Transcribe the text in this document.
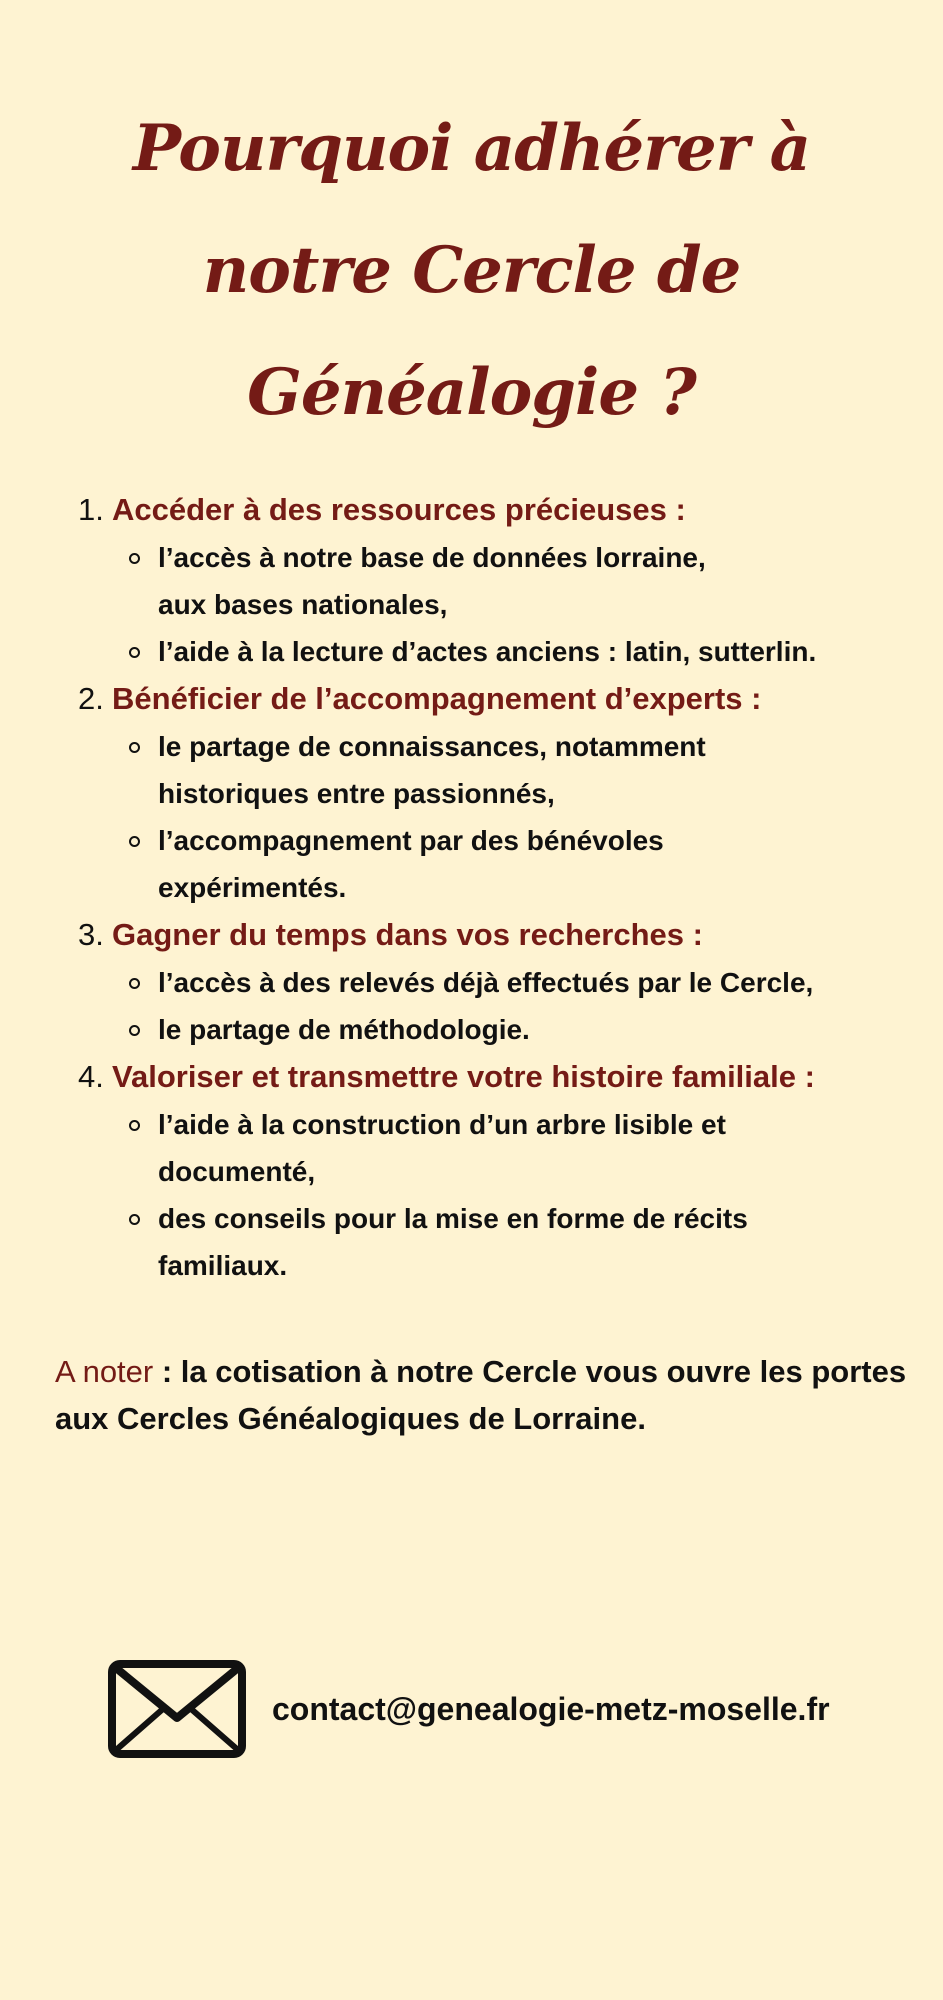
Pourquoi adhérer à notre Cercle de Généalogie ?
1. Accéder à des ressources précieuses :
l’accès à notre base de données lorraine,
aux bases nationales,
l’aide à la lecture d’actes anciens : latin, sutterlin.
2. Bénéficier de l’accompagnement d’experts :
le partage de connaissances, notamment
historiques entre passionnés,
l’accompagnement par des bénévoles
expérimentés.
3. Gagner du temps dans vos recherches :
l’accès à des relevés déjà effectués par le Cercle,
le partage de méthodologie.
4. Valoriser et transmettre votre histoire familiale :
l’aide à la construction d’un arbre lisible et
documenté,
des conseils pour la mise en forme de récits
familiaux.

A noter : la cotisation à notre Cercle vous ouvre les portes aux Cercles Généalogiques de Lorraine.

contact@genealogie-metz-moselle.fr
